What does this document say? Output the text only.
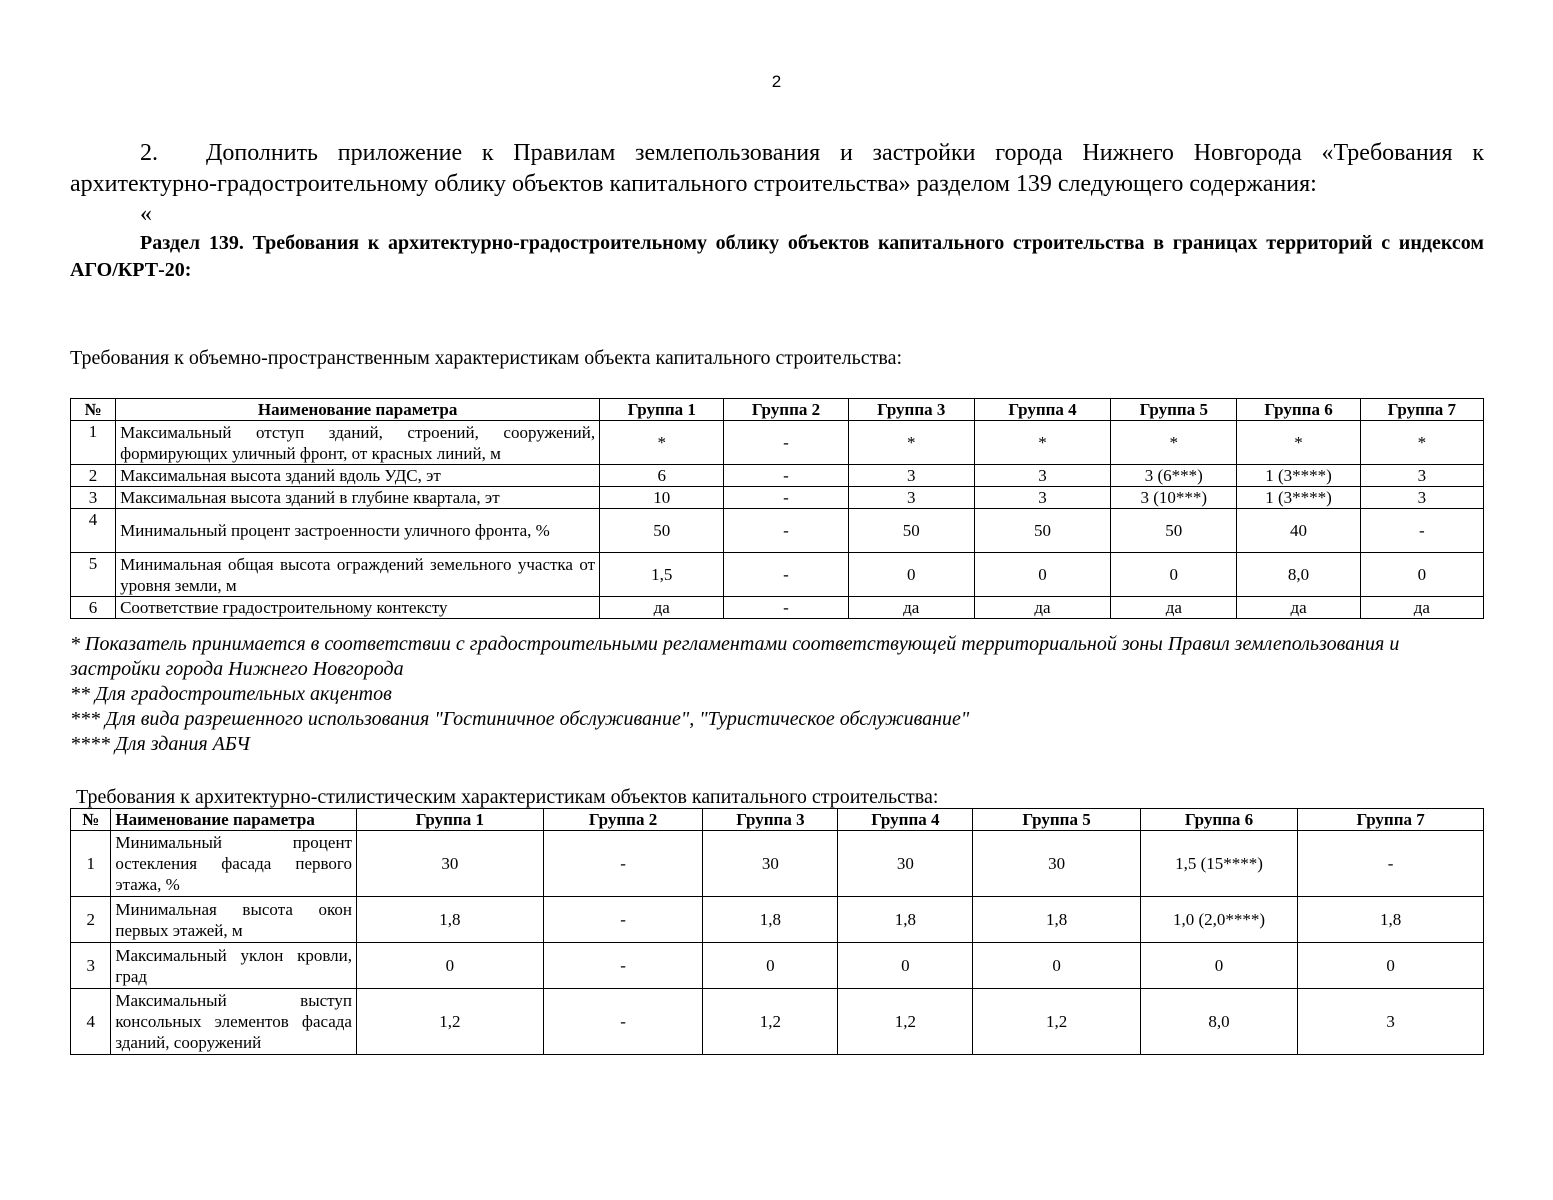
2

2. Дополнить приложение к Правилам землепользования и застройки города Нижнего Новгорода «Требования к архитектурно-градостроительному облику объектов капитального строительства» разделом 139 следующего содержания:

«

Раздел 139. Требования к архитектурно-градостроительному облику объектов капитального строительства в границах территорий с индексом АГО/КРТ-20:

Требования к объемно-пространственным характеристикам объекта капитального строительства:

№	Наименование параметра	Группа 1	Группа 2	Группа 3	Группа 4	Группа 5	Группа 6	Группа 7
1	Максимальный отступ зданий, строений, сооружений, формирующих уличный фронт, от красных линий, м	*	-	*	*	*	*	*
2	Максимальная высота зданий вдоль УДС, эт	6	-	3	3	3 (6***)	1 (3****)	3
3	Максимальная высота зданий в глубине квартала, эт	10	-	3	3	3 (10***)	1 (3****)	3
4	Минимальный процент застроенности уличного фронта, %	50	-	50	50	50	40	-
5	Минимальная общая высота ограждений земельного участка от уровня земли, м	1,5	-	0	0	0	8,0	0
6	Соответствие градостроительному контексту	да	-	да	да	да	да	да

* Показатель принимается в соответствии с градостроительными регламентами соответствующей территориальной зоны Правил землепользования и застройки города Нижнего Новгорода

** Для градостроительных акцентов

*** Для вида разрешенного использования "Гостиничное обслуживание", "Туристическое обслуживание"

**** Для здания АБЧ

Требования к архитектурно-стилистическим характеристикам объектов капитального строительства:

№	Наименование параметра	Группа 1	Группа 2	Группа 3	Группа 4	Группа 5	Группа 6	Группа 7
1	Минимальный процент остекления фасада первого этажа, %	30	-	30	30	30	1,5 (15****)	-
2	Минимальная высота окон первых этажей, м	1,8	-	1,8	1,8	1,8	1,0 (2,0****)	1,8
3	Максимальный уклон кровли, град	0	-	0	0	0	0	0
4	Максимальный выступ консольных элементов фасада зданий, сооружений	1,2	-	1,2	1,2	1,2	8,0	3
